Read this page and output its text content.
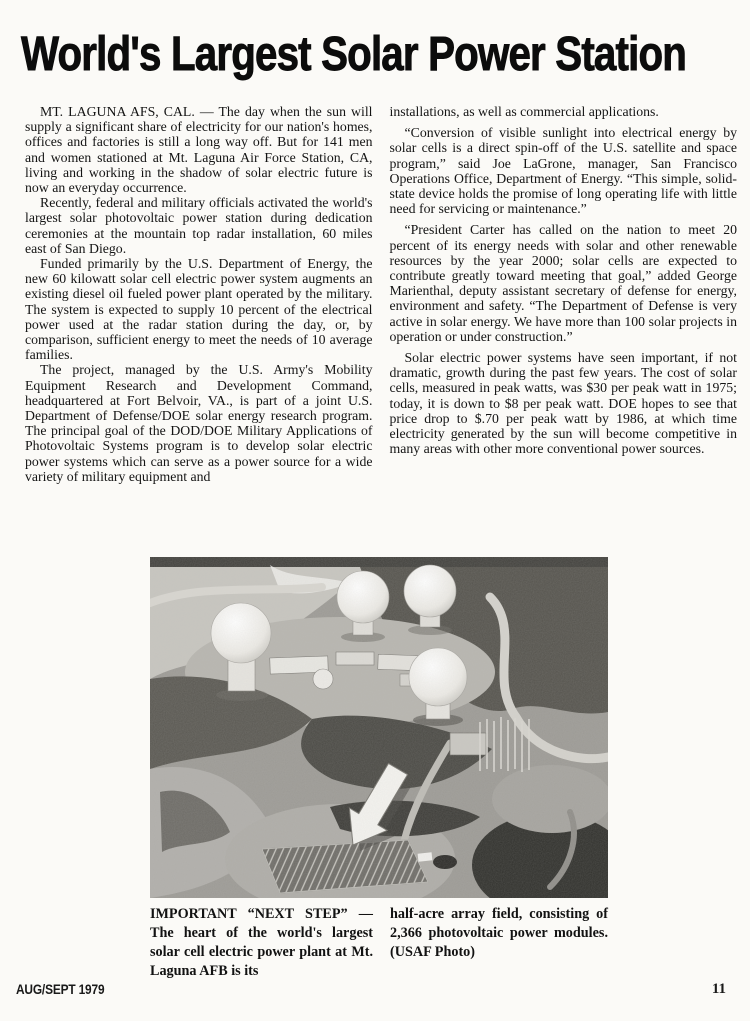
World's Largest Solar Power Station

MT. LAGUNA AFS, CAL. — The day when the sun will supply a significant share of electricity for our nation's homes, offices and factories is still a long way off. But for 141 men and women stationed at Mt. Laguna Air Force Station, CA, living and working in the shadow of solar electric future is now an everyday occurrence.

Recently, federal and military officials activated the world's largest solar photovoltaic power station during dedication ceremonies at the mountain top radar installation, 60 miles east of San Diego.

Funded primarily by the U.S. Department of Energy, the new 60 kilowatt solar cell electric power system augments an existing diesel oil fueled power plant operated by the military. The system is expected to supply 10 percent of the electrical power used at the radar station during the day, or, by comparison, sufficient energy to meet the needs of 10 average families.

The project, managed by the U.S. Army's Mobility Equipment Research and Development Command, headquartered at Fort Belvoir, VA., is part of a joint U.S. Department of Defense/DOE solar energy research program. The principal goal of the DOD/DOE Military Applications of Photovoltaic Systems program is to develop solar electric power systems which can serve as a power source for a wide variety of military equipment and

installations, as well as commercial applications.

“Conversion of visible sunlight into electrical energy by solar cells is a direct spin-off of the U.S. satellite and space program,” said Joe LaGrone, manager, San Francisco Operations Office, Department of Energy. “This simple, solid-state device holds the promise of long operating life with little need for servicing or maintenance.”

“President Carter has called on the nation to meet 20 percent of its energy needs with solar and other renewable resources by the year 2000; solar cells are expected to contribute greatly toward meeting that goal,” added George Marienthal, deputy assistant secretary of defense for energy, environment and safety. “The Department of Defense is very active in solar energy. We have more than 100 solar projects in operation or under construction.”

Solar electric power systems have seen important, if not dramatic, growth during the past few years. The cost of solar cells, measured in peak watts, was $30 per peak watt in 1975; today, it is down to $8 per peak watt. DOE hopes to see that price drop to $.70 per peak watt by 1986, at which time electricity generated by the sun will become competitive in many areas with other more conventional power sources.

IMPORTANT “NEXT STEP” — The heart of the world's largest solar cell electric power plant at Mt. Laguna AFB is its
half-acre array field, consisting of 2,366 photovoltaic power modules. (USAF Photo)
AUG/SEPT 1979	11
